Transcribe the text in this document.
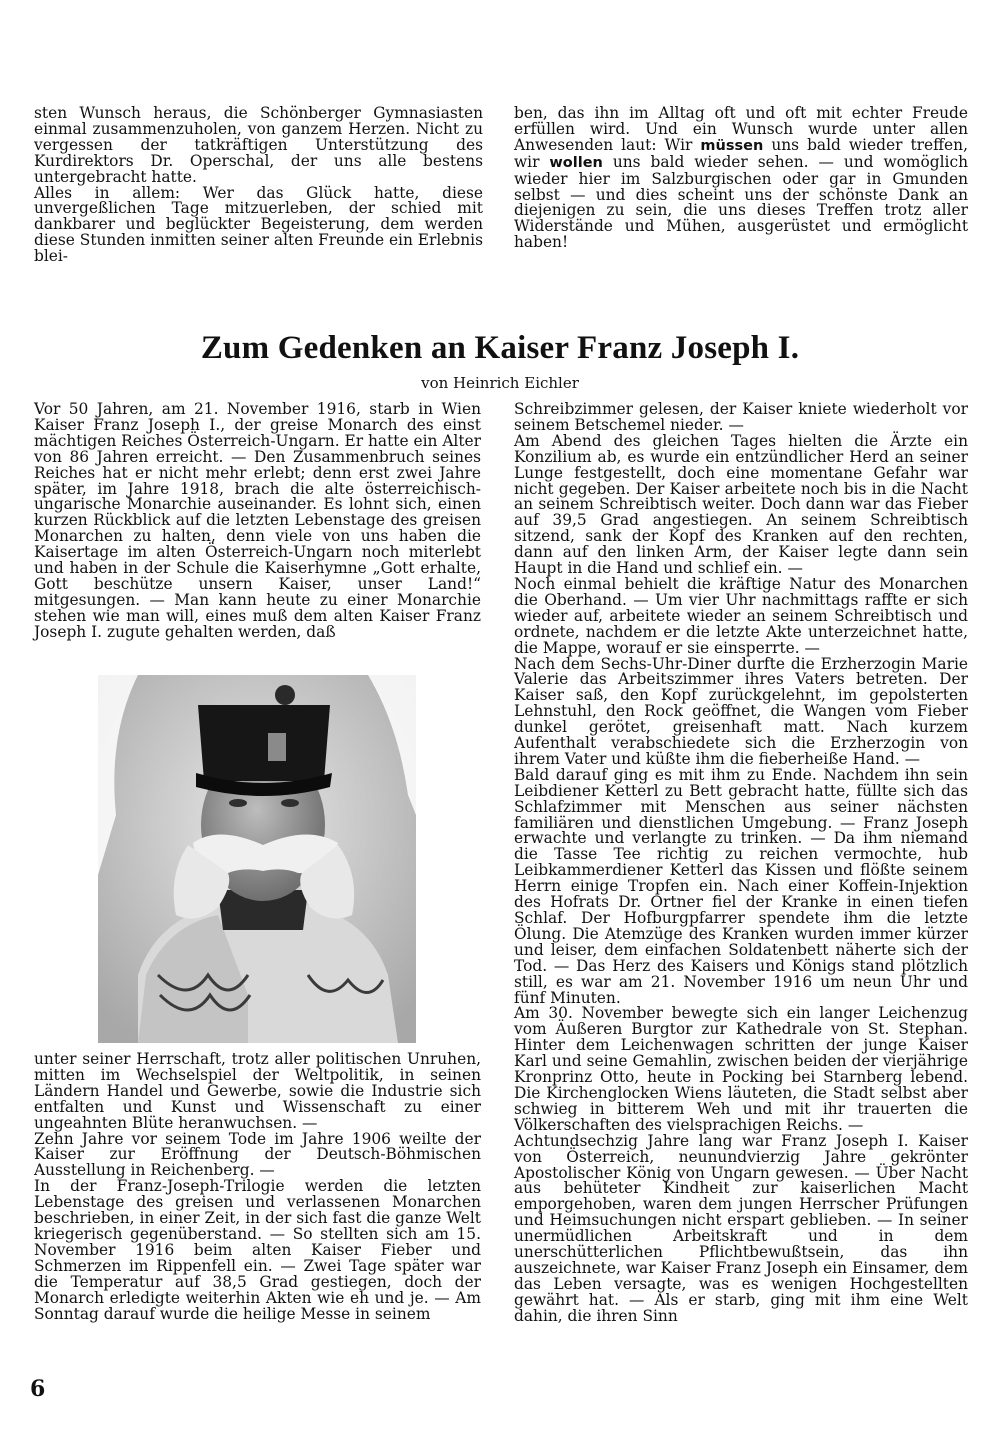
sten Wunsch heraus, die Schönberger Gymnasiasten einmal zusammenzuholen, von ganzem Herzen. Nicht zu vergessen der tatkräftigen Unterstützung des Kurdirektors Dr. Operschal, der uns alle bestens untergebracht hatte.

Alles in allem: Wer das Glück hatte, diese unvergeßlichen Tage mitzuerleben, der schied mit dankbarer und beglückter Begeisterung, dem werden diese Stunden inmitten seiner alten Freunde ein Erlebnis blei-

ben, das ihn im Alltag oft und oft mit echter Freude erfüllen wird. Und ein Wunsch wurde unter allen Anwesenden laut: Wir müssen uns bald wieder treffen, wir wollen uns bald wieder sehen. — und womöglich wieder hier im Salzburgischen oder gar in Gmunden selbst — und dies scheint uns der schönste Dank an diejenigen zu sein, die uns dieses Treffen trotz aller Widerstände und Mühen, ausgerüstet und ermöglicht haben!

Zum Gedenken an Kaiser Franz Joseph I.
von Heinrich Eichler

Vor 50 Jahren, am 21. November 1916, starb in Wien Kaiser Franz Joseph I., der greise Monarch des einst mächtigen Reiches Österreich-Ungarn. Er hatte ein Alter von 86 Jahren erreicht. — Den Zusammenbruch seines Reiches hat er nicht mehr erlebt; denn erst zwei Jahre später, im Jahre 1918, brach die alte österreichisch-ungarische Monarchie auseinander. Es lohnt sich, einen kurzen Rückblick auf die letzten Lebenstage des greisen Monarchen zu halten, denn viele von uns haben die Kaisertage im alten Österreich-Ungarn noch miterlebt und haben in der Schule die Kaiserhymne „Gott erhalte, Gott beschütze unsern Kaiser, unser Land!“ mitgesungen. — Man kann heute zu einer Monarchie stehen wie man will, eines muß dem alten Kaiser Franz Joseph I. zugute gehalten werden, daß

unter seiner Herrschaft, trotz aller politischen Unruhen, mitten im Wechselspiel der Weltpolitik, in seinen Ländern Handel und Gewerbe, sowie die Industrie sich entfalten und Kunst und Wissenschaft zu einer ungeahnten Blüte heranwuchsen. —

Zehn Jahre vor seinem Tode im Jahre 1906 weilte der Kaiser zur Eröffnung der Deutsch-Böhmischen Ausstellung in Reichenberg. —

In der Franz-Joseph-Trilogie werden die letzten Lebenstage des greisen und verlassenen Monarchen beschrieben, in einer Zeit, in der sich fast die ganze Welt kriegerisch gegenüberstand. — So stellten sich am 15. November 1916 beim alten Kaiser Fieber und Schmerzen im Rippenfell ein. — Zwei Tage später war die Temperatur auf 38,5 Grad gestiegen, doch der Monarch erledigte weiterhin Akten wie eh und je. — Am Sonntag darauf wurde die heilige Messe in seinem

Schreibzimmer gelesen, der Kaiser kniete wiederholt vor seinem Betschemel nieder. —

Am Abend des gleichen Tages hielten die Ärzte ein Konzilium ab, es wurde ein entzündlicher Herd an seiner Lunge festgestellt, doch eine momentane Gefahr war nicht gegeben. Der Kaiser arbeitete noch bis in die Nacht an seinem Schreibtisch weiter. Doch dann war das Fieber auf 39,5 Grad angestiegen. An seinem Schreibtisch sitzend, sank der Kopf des Kranken auf den rechten, dann auf den linken Arm, der Kaiser legte dann sein Haupt in die Hand und schlief ein. —

Noch einmal behielt die kräftige Natur des Monarchen die Oberhand. — Um vier Uhr nachmittags raffte er sich wieder auf, arbeitete wieder an seinem Schreibtisch und ordnete, nachdem er die letzte Akte unterzeichnet hatte, die Mappe, worauf er sie einsperrte. —

Nach dem Sechs-Uhr-Diner durfte die Erzherzogin Marie Valerie das Arbeitszimmer ihres Vaters betreten. Der Kaiser saß, den Kopf zurückgelehnt, im gepolsterten Lehnstuhl, den Rock geöffnet, die Wangen vom Fieber dunkel gerötet, greisenhaft matt. Nach kurzem Aufenthalt verabschiedete sich die Erzherzogin von ihrem Vater und küßte ihm die fieberheiße Hand. —

Bald darauf ging es mit ihm zu Ende. Nachdem ihn sein Leibdiener Ketterl zu Bett gebracht hatte, füllte sich das Schlafzimmer mit Menschen aus seiner nächsten familiären und dienstlichen Umgebung. — Franz Joseph erwachte und verlangte zu trinken. — Da ihm niemand die Tasse Tee richtig zu reichen vermochte, hub Leibkammerdiener Ketterl das Kissen und flößte seinem Herrn einige Tropfen ein. Nach einer Koffein-Injektion des Hofrats Dr. Ortner fiel der Kranke in einen tiefen Schlaf. Der Hofburgpfarrer spendete ihm die letzte Ölung. Die Atemzüge des Kranken wurden immer kürzer und leiser, dem einfachen Soldatenbett näherte sich der Tod. — Das Herz des Kaisers und Königs stand plötzlich still, es war am 21. November 1916 um neun Uhr und fünf Minuten.

Am 30. November bewegte sich ein langer Leichenzug vom Äußeren Burgtor zur Kathedrale von St. Stephan. Hinter dem Leichenwagen schritten der junge Kaiser Karl und seine Gemahlin, zwischen beiden der vierjährige Kronprinz Otto, heute in Pocking bei Starnberg lebend. Die Kirchenglocken Wiens läuteten, die Stadt selbst aber schwieg in bitterem Weh und mit ihr trauerten die Völkerschaften des vielsprachigen Reichs. —

Achtundsechzig Jahre lang war Franz Joseph I. Kaiser von Österreich, neunundvierzig Jahre gekrönter Apostolischer König von Ungarn gewesen. — Über Nacht aus behüteter Kindheit zur kaiserlichen Macht emporgehoben, waren dem jungen Herrscher Prüfungen und Heimsuchungen nicht erspart geblieben. — In seiner unermüdlichen Arbeitskraft und in dem unerschütterlichen Pflichtbewußtsein, das ihn auszeichnete, war Kaiser Franz Joseph ein Einsamer, dem das Leben versagte, was es wenigen Hochgestellten gewährt hat. — Als er starb, ging mit ihm eine Welt dahin, die ihren Sinn

6
